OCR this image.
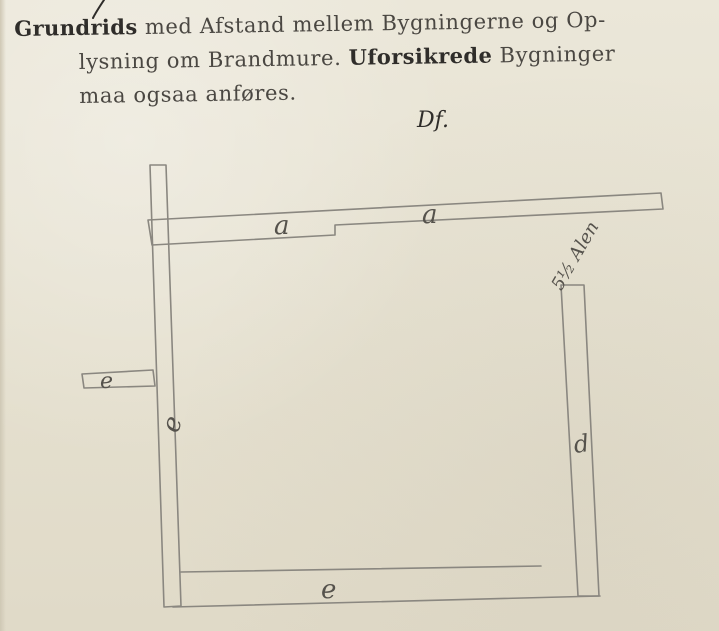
Grundrids med Afstand mellem Bygningerne og Op-
lysning om Brandmure. Uforsikrede Bygninger
maa ogsaa anføres.
Df.
a	a
e
e
d
e
5½ Alen
